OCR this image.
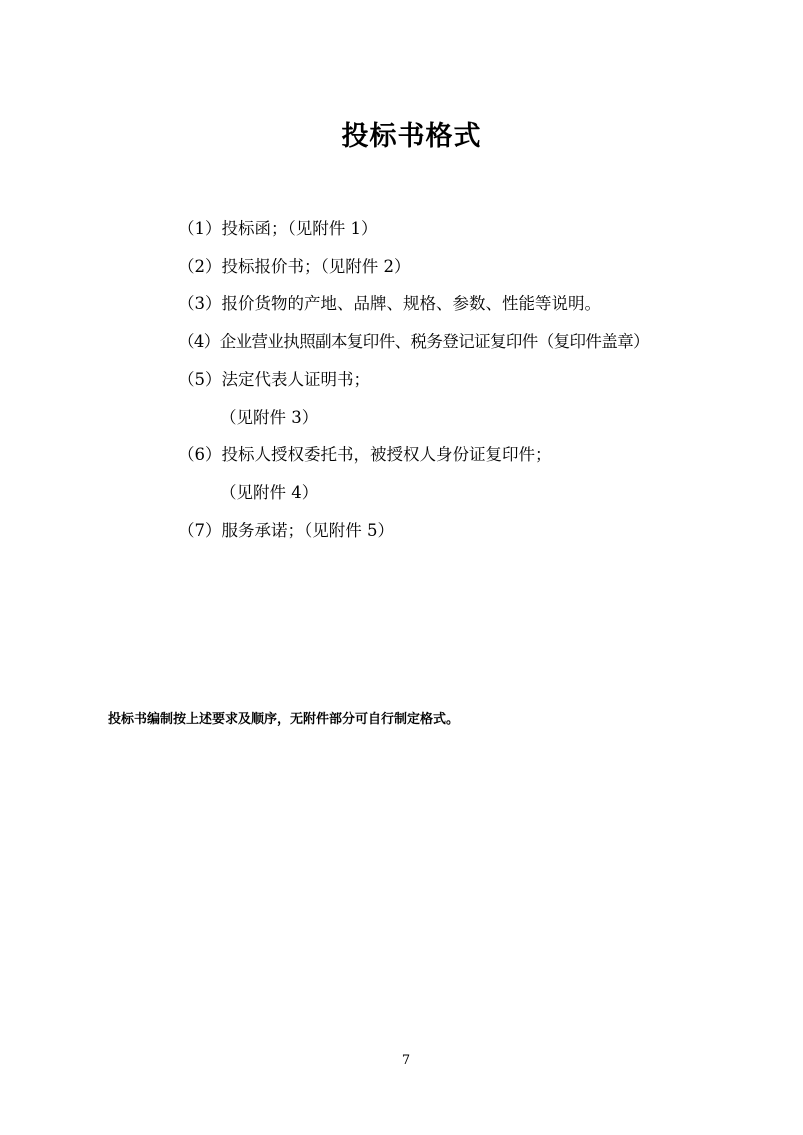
投标书格式
（1）投标函；（见附件 1）
（2）投标报价书；（见附件 2）
（3）报价货物的产地、品牌、规格、参数、性能等说明。
（4）企业营业执照副本复印件、税务登记证复印件（复印件盖章）
（5）法定代表人证明书；
（见附件 3）
（6）投标人授权委托书，被授权人身份证复印件；
（见附件 4）
（7）服务承诺；（见附件 5）
投标书编制按上述要求及顺序，无附件部分可自行制定格式。
7
